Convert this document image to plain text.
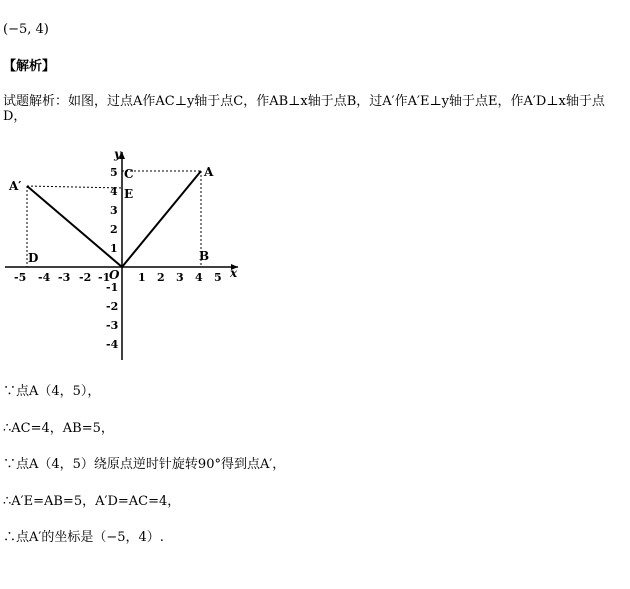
(−5, 4)
【解析】
试题解析：如图，过点A作AC⊥y轴于点C，作AB⊥x轴于点B，过A′作A′E⊥y轴于点E，作A′D⊥x轴于点D，
x
y
O
-5 -4 -3 -2 -1	1 2 3 4 5
5
4
3
2
1
-1
-2
-3
-4
A
A′
B
C
D
E
∵点A（4，5），
∴AC=4，AB=5，
∵点A（4，5）绕原点逆时针旋转90°得到点A′，
∴A′E=AB=5，A′D=AC=4，
∴点A′的坐标是（−5，4）.
